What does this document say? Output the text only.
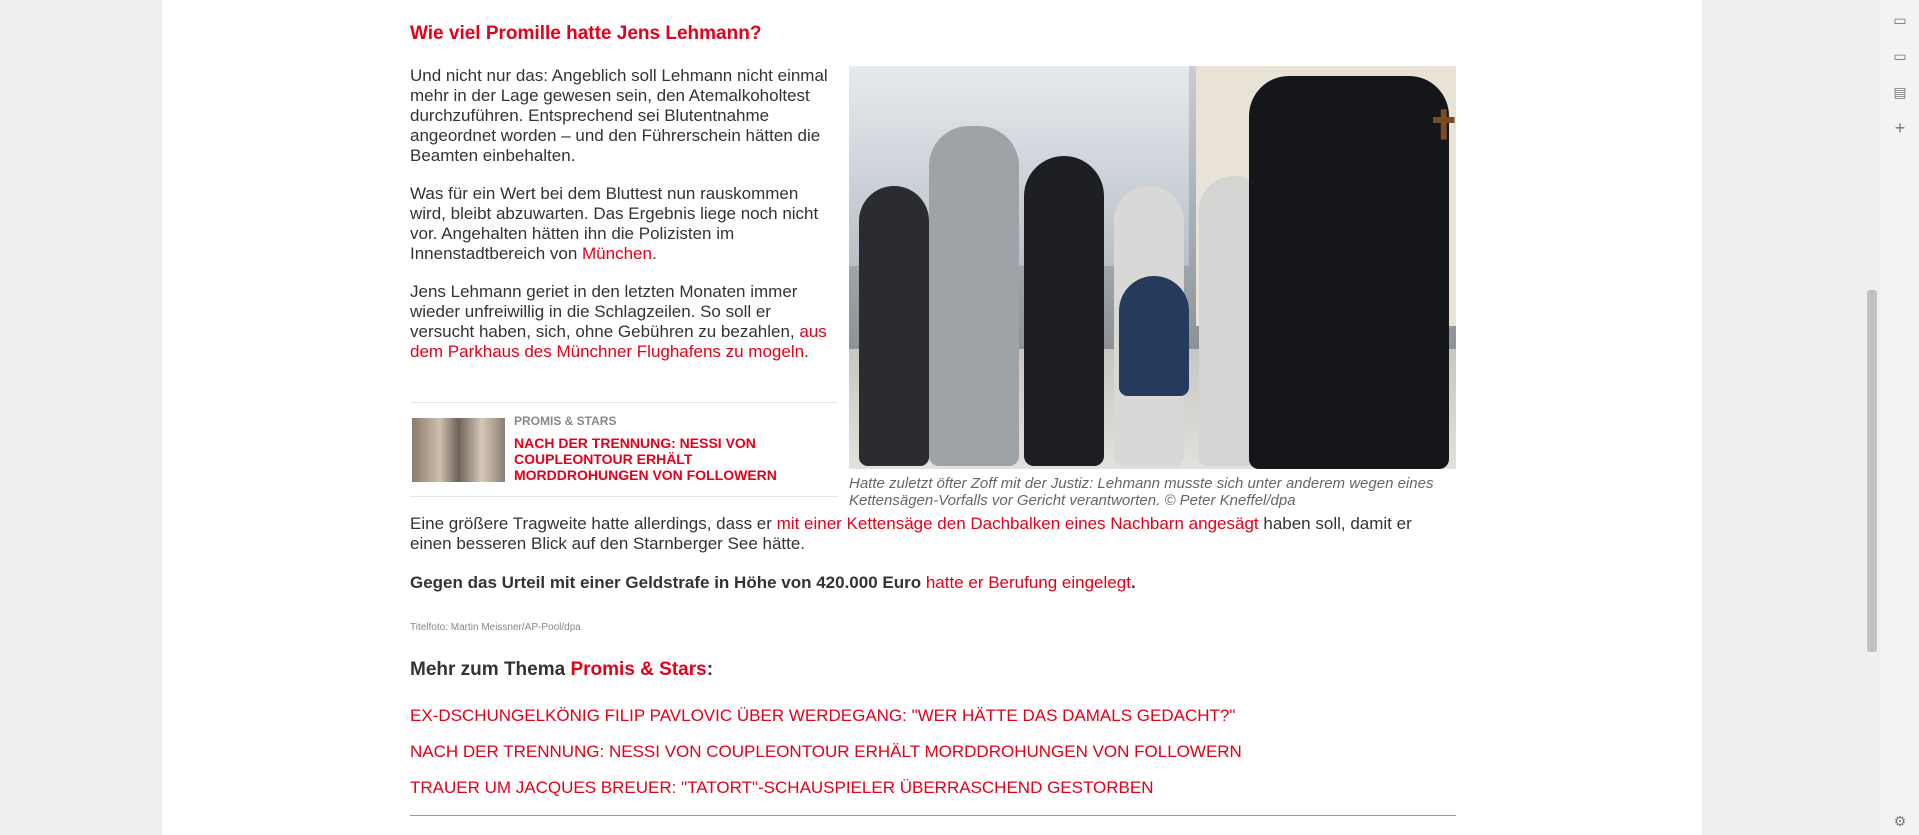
Wie viel Promille hatte Jens Lehmann?

Und nicht nur das: Angeblich soll Lehmann nicht einmal mehr in der Lage gewesen sein, den Atemalkoholtest durchzuführen. Entsprechend sei Blutentnahme angeordnet worden – und den Führerschein hätten die Beamten einbehalten.

Was für ein Wert bei dem Bluttest nun rauskommen wird, bleibt abzuwarten. Das Ergebnis liege noch nicht vor. Angehalten hätten ihn die Polizisten im Innenstadtbereich von München.

Jens Lehmann geriet in den letzten Monaten immer wieder unfreiwillig in die Schlagzeilen. So soll er versucht haben, sich, ohne Gebühren zu bezahlen, aus dem Parkhaus des Münchner Flughafens zu mogeln.

PROMIS & STARS
NACH DER TRENNUNG: NESSI VON COUPLEONTOUR ERHÄLT MORDDROHUNGEN VON FOLLOWERN
✝
Hatte zuletzt öfter Zoff mit der Justiz: Lehmann musste sich unter anderem wegen eines Kettensägen-Vorfalls vor Gericht verantworten. © Peter Kneffel/dpa
Eine größere Tragweite hatte allerdings, dass er mit einer Kettensäge den Dachbalken eines Nachbarn angesägt haben soll, damit er einen besseren Blick auf den Starnberger See hätte.
Gegen das Urteil mit einer Geldstrafe in Höhe von 420.000 Euro hatte er Berufung eingelegt.
Titelfoto: Martin Meissner/AP-Pool/dpa
Mehr zum Thema Promis & Stars:
EX-DSCHUNGELKÖNIG FILIP PAVLOVIC ÜBER WERDEGANG: "WER HÄTTE DAS DAMALS GEDACHT?"
NACH DER TRENNUNG: NESSI VON COUPLEONTOUR ERHÄLT MORDDROHUNGEN VON FOLLOWERN
TRAUER UM JACQUES BREUER: "TATORT"-SCHAUSPIELER ÜBERRASCHEND GESTORBEN
▭
▭
▤
+
⚙
